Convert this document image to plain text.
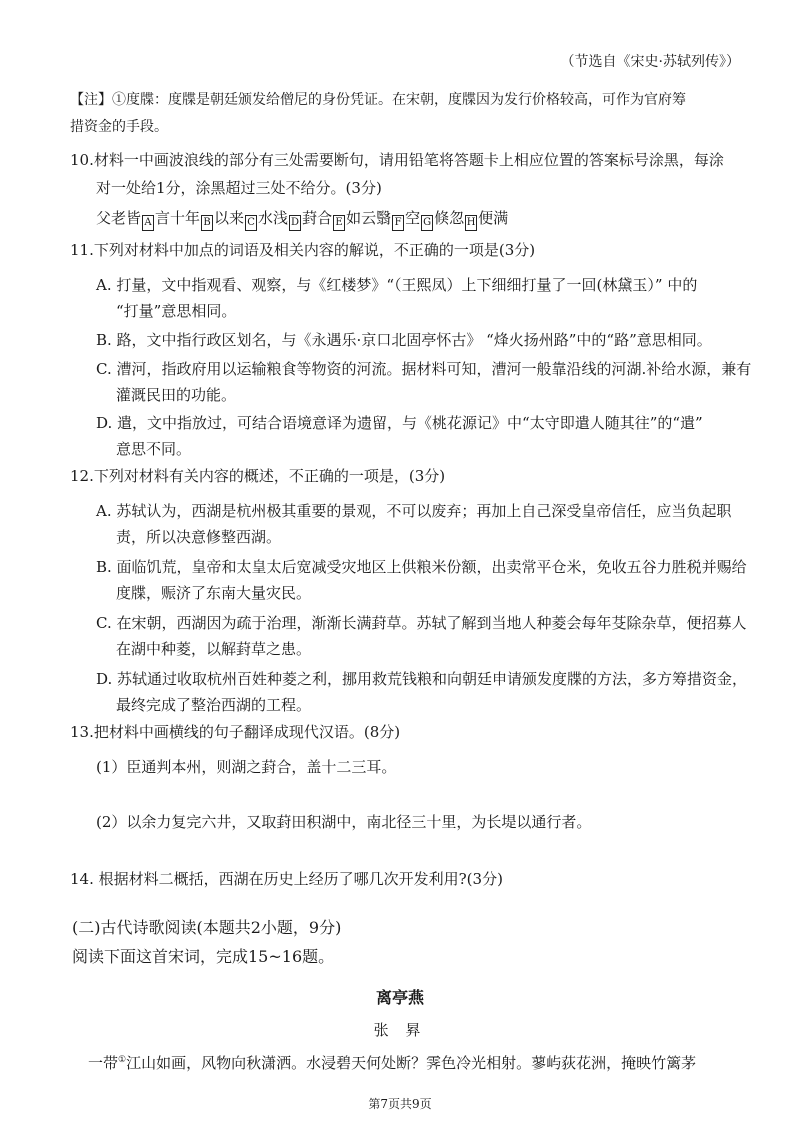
（节选自《宋史·苏轼列传》）
【注】①度牒：度牒是朝廷颁发给僧尼的身份凭证。在宋朝，度牒因为发行价格较高，可作为官府筹
措资金的手段。
10.材料一中画波浪线的部分有三处需要断句，请用铅笔将答题卡上相应位置的答案标号涂黑，每涂
对一处给1分，涂黑超过三处不给分。(3分)
父老皆 A 言十年 B 以来 C 水浅 D 葑合 E 如云翳 F 空 G 倏忽 H 便满
11.下列对材料中加点的词语及相关内容的解说，不正确的一项是(3分)
A. 打量，文中指观看、观察，与《红楼梦》“（王熙凤）上下细细打量了一回(林黛玉）” 中的
“打量”意思相同。
B. 路，文中指行政区划名，与《永遇乐·京口北固亭怀古》 “烽火扬州路”中的“路”意思相同。
C. 漕河，指政府用以运输粮食等物资的河流。据材料可知，漕河一般靠沿线的河湖.补给水源，兼有
灌溉民田的功能。
D. 遣，文中指放过，可结合语境意译为遗留，与《桃花源记》中“太守即遣人随其往”的“遣”
意思不同。
12.下列对材料有关内容的概述，不正确的一项是，(3分)
A. 苏轼认为，西湖是杭州极其重要的景观，不可以废弃；再加上自己深受皇帝信任，应当负起职
责，所以决意修整西湖。
B. 面临饥荒，皇帝和太皇太后宽减受灾地区上供粮米份额，出卖常平仓米，免收五谷力胜税并赐给
度牒，赈济了东南大量灾民。
C. 在宋朝，西湖因为疏于治理，渐渐长满葑草。苏轼了解到当地人种菱会每年芟除杂草，便招募人
在湖中种菱，以解葑草之患。
D. 苏轼通过收取杭州百姓种菱之利，挪用救荒钱粮和向朝廷申请颁发度牒的方法，多方筹措资金，
最终完成了整治西湖的工程。
13.把材料中画横线的句子翻译成现代汉语。(8分)
(1）臣通判本州，则湖之葑合，盖十二三耳。
(2）以余力复完六井，又取葑田积湖中，南北径三十里，为长堤以通行者。
14. 根据材料二概括，西湖在历史上经历了哪几次开发利用?(3分)
(二)古代诗歌阅读(本题共2小题，9分)
阅读下面这首宋词，完成15~16题。
离亭燕
张 昪
一带①江山如画，风物向秋潇洒。水浸碧天何处断？霁色冷光相射。蓼屿荻花洲，掩映竹篱茅
第7页共9页
